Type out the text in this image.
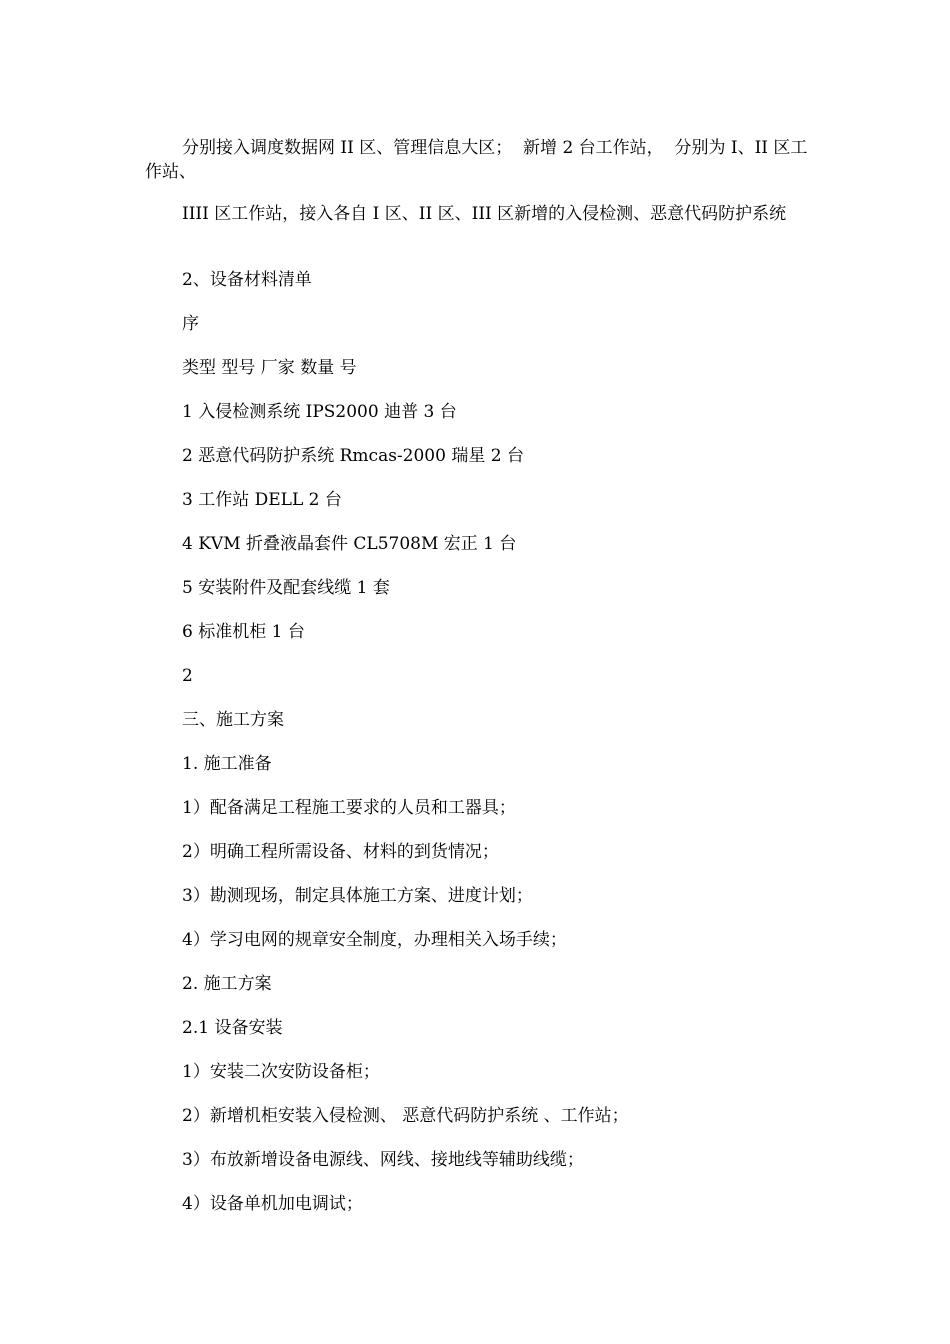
分别接入调度数据网 II 区、管理信息大区；  新增 2 台工作站，  分别为 I、II 区工作站、

IIII 区工作站，接入各自 I 区、II 区、III 区新增的入侵检测、恶意代码防护系统

2、设备材料清单

序

类型 型号 厂家 数量 号

1 入侵检测系统 IPS2000 迪普 3 台

2 恶意代码防护系统 Rmcas-2000 瑞星 2 台

3 工作站 DELL 2 台

4 KVM 折叠液晶套件 CL5708M 宏正 1 台

5 安装附件及配套线缆 1 套

6 标准机柜 1 台

2

三、施工方案

1. 施工准备

1）配备满足工程施工要求的人员和工器具；

2）明确工程所需设备、材料的到货情况；

3）勘测现场，制定具体施工方案、进度计划；

4）学习电网的规章安全制度，办理相关入场手续；

2. 施工方案

2.1 设备安装

1）安装二次安防设备柜；

2）新增机柜安装入侵检测、 恶意代码防护系统 、工作站；

3）布放新增设备电源线、网线、接地线等辅助线缆；

4）设备单机加电调试；
